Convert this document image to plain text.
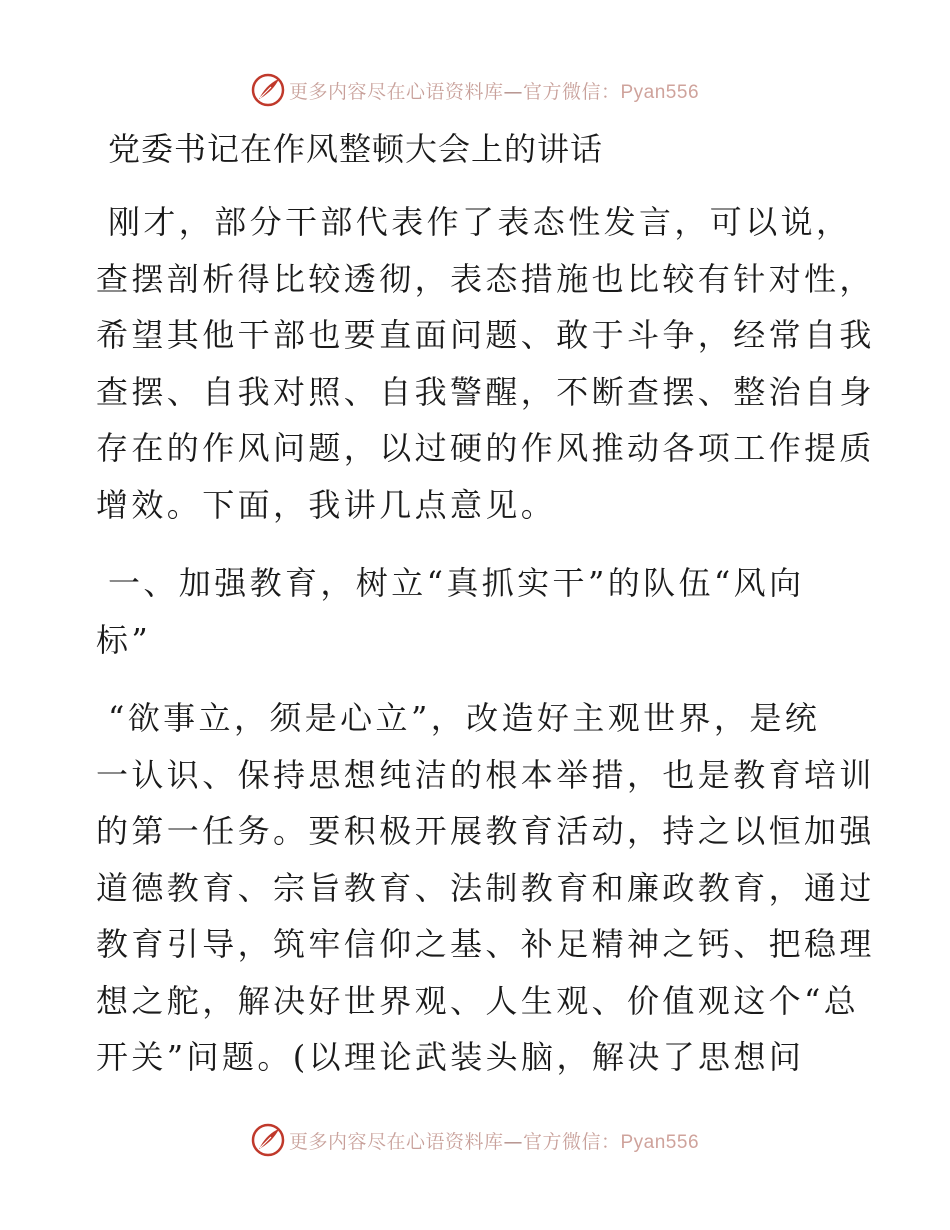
更多内容尽在心语资料库—官方微信：Pyan556
党委书记在作风整顿大会上的讲话

刚才，部分干部代表作了表态性发言，可以说，
查摆剖析得比较透彻，表态措施也比较有针对性，
希望其他干部也要直面问题、敢于斗争，经常自我
查摆、自我对照、自我警醒，不断查摆、整治自身
存在的作风问题，以过硬的作风推动各项工作提质
增效。下面，我讲几点意见。

一、加强教育，树立“真抓实干”的队伍“风向
标”

“欲事立，须是心立”，改造好主观世界，是统
一认识、保持思想纯洁的根本举措，也是教育培训
的第一任务。要积极开展教育活动，持之以恒加强
道德教育、宗旨教育、法制教育和廉政教育，通过
教育引导，筑牢信仰之基、补足精神之钙、把稳理
想之舵，解决好世界观、人生观、价值观这个“总
开关”问题。(以理论武装头脑，解决了思想问

更多内容尽在心语资料库—官方微信：Pyan556
